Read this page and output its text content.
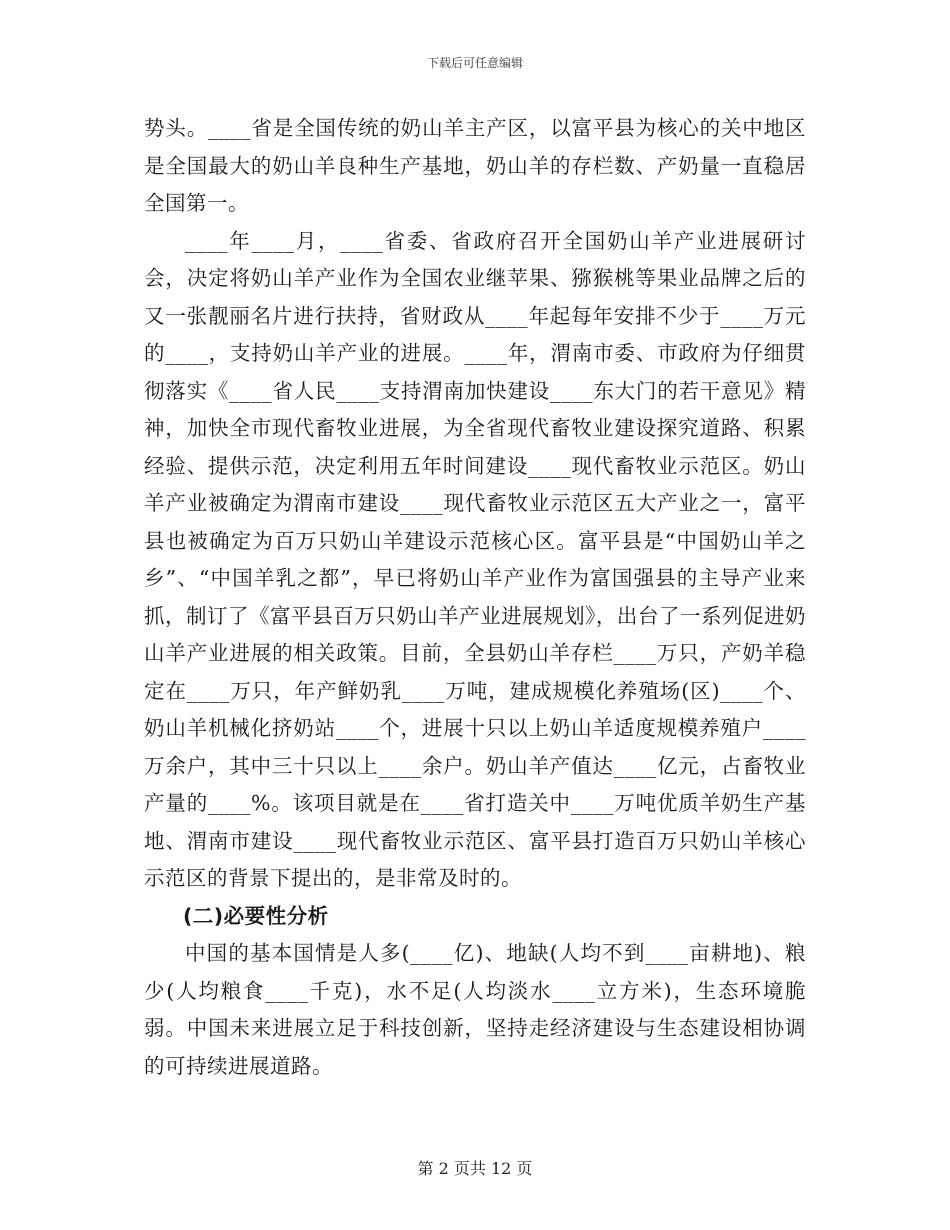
下载后可任意编辑

势头。____省是全国传统的奶山羊主产区，以富平县为核心的关中地区是全国最大的奶山羊良种生产基地，奶山羊的存栏数、产奶量一直稳居全国第一。

____年____月，____省委、省政府召开全国奶山羊产业进展研讨会，决定将奶山羊产业作为全国农业继苹果、猕猴桃等果业品牌之后的又一张靓丽名片进行扶持，省财政从____年起每年安排不少于____万元的____，支持奶山羊产业的进展。____年，渭南市委、市政府为仔细贯彻落实《____省人民____支持渭南加快建设____东大门的若干意见》精神，加快全市现代畜牧业进展，为全省现代畜牧业建设探究道路、积累经验、提供示范，决定利用五年时间建设____现代畜牧业示范区。奶山羊产业被确定为渭南市建设____现代畜牧业示范区五大产业之一，富平县也被确定为百万只奶山羊建设示范核心区。富平县是“中国奶山羊之乡”、“中国羊乳之都”，早已将奶山羊产业作为富国强县的主导产业来抓，制订了《富平县百万只奶山羊产业进展规划》，出台了一系列促进奶山羊产业进展的相关政策。目前，全县奶山羊存栏____万只，产奶羊稳定在____万只，年产鲜奶乳____万吨，建成规模化养殖场(区)____个、奶山羊机械化挤奶站____个，进展十只以上奶山羊适度规模养殖户____万余户，其中三十只以上____余户。奶山羊产值达____亿元，占畜牧业产量的____%。该项目就是在____省打造关中____万吨优质羊奶生产基地、渭南市建设____现代畜牧业示范区、富平县打造百万只奶山羊核心示范区的背景下提出的，是非常及时的。

(二)必要性分析

中国的基本国情是人多(____亿)、地缺(人均不到____亩耕地)、粮少(人均粮食____千克)，水不足(人均淡水____立方米)，生态环境脆弱。中国未来进展立足于科技创新，坚持走经济建设与生态建设相协调的可持续进展道路。

第 2 页共 12 页
